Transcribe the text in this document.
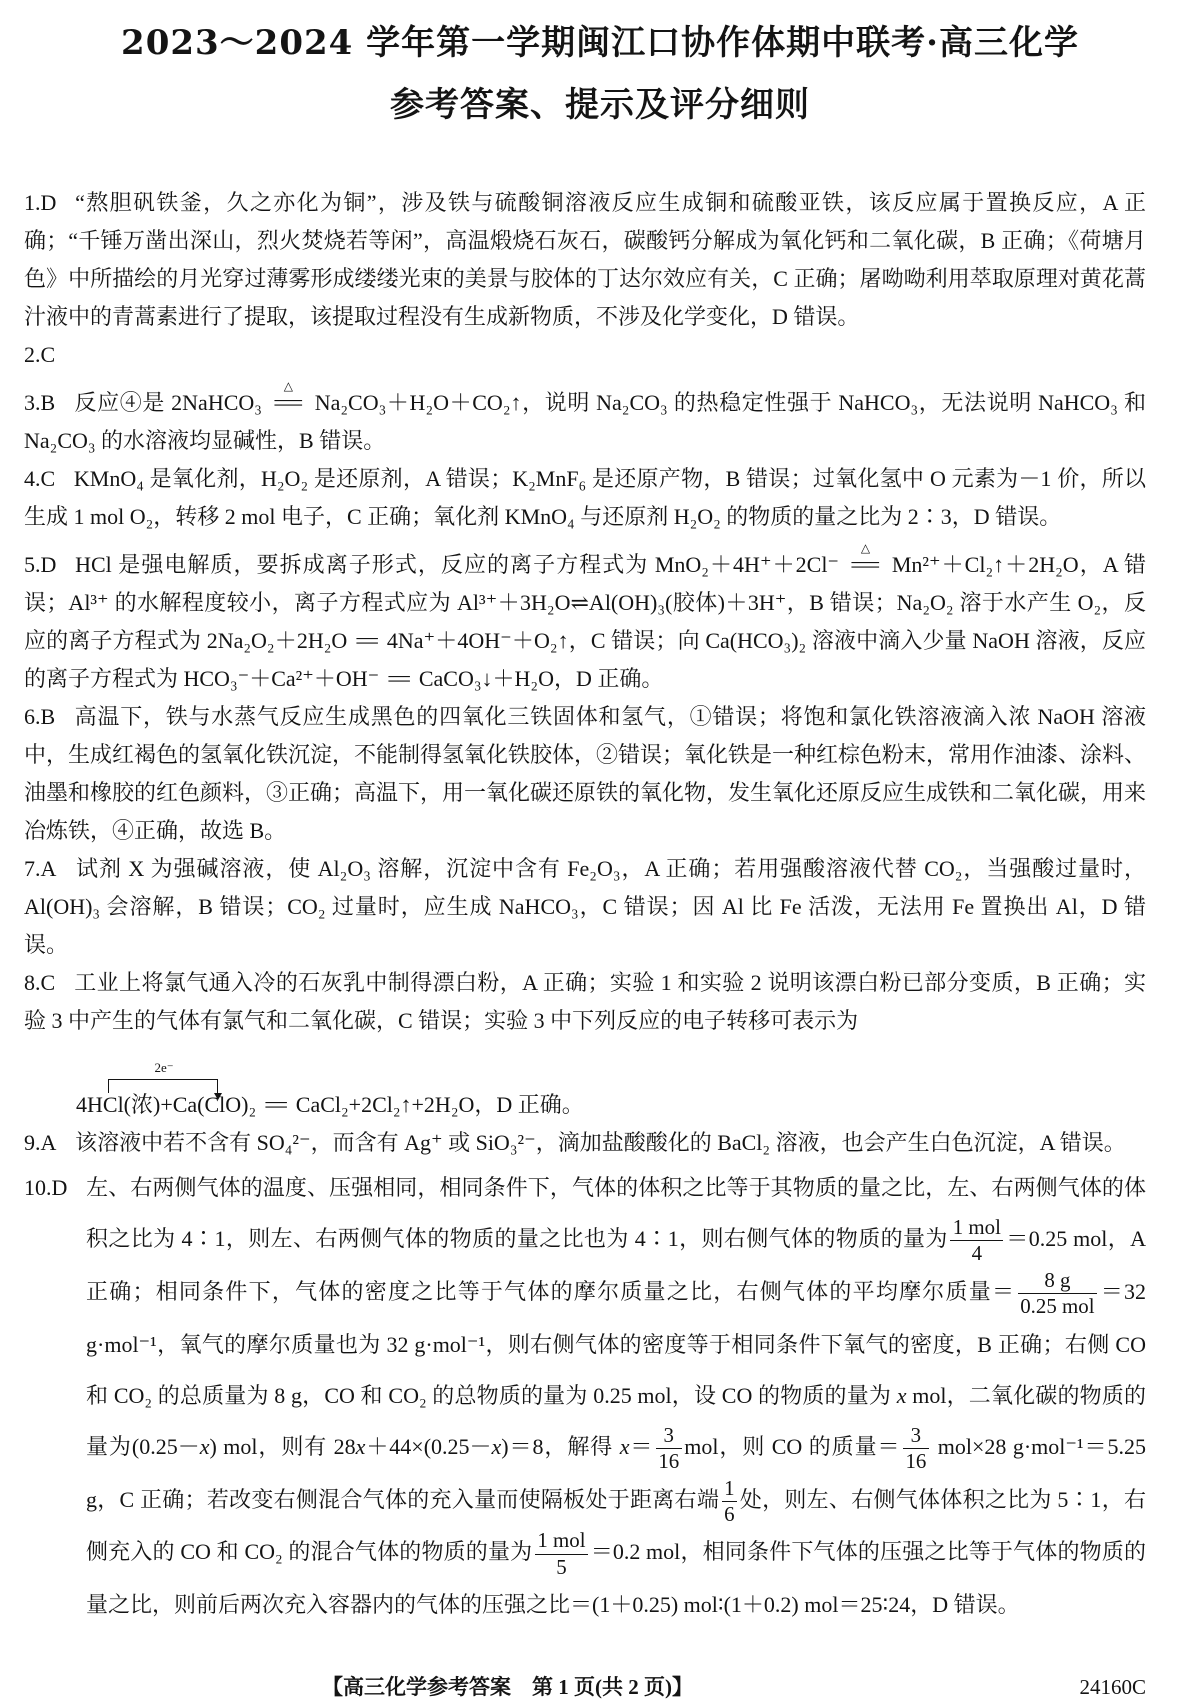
2023～2024 学年第一学期闽江口协作体期中联考·高三化学
参考答案、提示及评分细则

1.D “熬胆矾铁釜，久之亦化为铜”，涉及铁与硫酸铜溶液反应生成铜和硫酸亚铁，该反应属于置换反应，A 正确；“千锤万凿出深山，烈火焚烧若等闲”，高温煅烧石灰石，碳酸钙分解成为氧化钙和二氧化碳，B 正确；《荷塘月色》中所描绘的月光穿过薄雾形成缕缕光束的美景与胶体的丁达尔效应有关，C 正确；屠呦呦利用萃取原理对黄花蒿汁液中的青蒿素进行了提取，该提取过程没有生成新物质，不涉及化学变化，D 错误。

2.C

3.B 反应④是 2NaHCO₃
△
= Na₂CO₃＋H₂O＋CO₂↑，说明 Na₂CO₃ 的热稳定性强于 NaHCO₃，无法说明 NaHCO₃ 和 Na₂CO₃ 的水溶液均显碱性，B 错误。

4.C KMnO₄ 是氧化剂，H₂O₂ 是还原剂，A 错误；K₂MnF₆ 是还原产物，B 错误；过氧化氢中 O 元素为－1 价，所以生成 1 mol O₂，转移 2 mol 电子，C 正确；氧化剂 KMnO₄ 与还原剂 H₂O₂ 的物质的量之比为 2∶3，D 错误。

5.D HCl 是强电解质，要拆成离子形式，反应的离子方程式为 MnO₂＋4H⁺＋2Cl⁻
△
= Mn²⁺＋Cl₂↑＋2H₂O，A 错误；Al³⁺ 的水解程度较小，离子方程式应为 Al³⁺＋3H₂O⇌Al(OH)₃(胶体)＋3H⁺，B 错误；Na₂O₂ 溶于水产生 O₂，反应的离子方程式为 2Na₂O₂＋2H₂O = 4Na⁺＋4OH⁻＋O₂↑，C 错误；向 Ca(HCO₃)₂ 溶液中滴入少量 NaOH 溶液，反应的离子方程式为 HCO₃⁻＋Ca²⁺＋OH⁻ = CaCO₃↓＋H₂O，D 正确。

6.B 高温下，铁与水蒸气反应生成黑色的四氧化三铁固体和氢气，①错误；将饱和氯化铁溶液滴入浓 NaOH 溶液中，生成红褐色的氢氧化铁沉淀，不能制得氢氧化铁胶体，②错误；氧化铁是一种红棕色粉末，常用作油漆、涂料、油墨和橡胶的红色颜料，③正确；高温下，用一氧化碳还原铁的氧化物，发生氧化还原反应生成铁和二氧化碳，用来冶炼铁，④正确，故选 B。

7.A 试剂 X 为强碱溶液，使 Al₂O₃ 溶解，沉淀中含有 Fe₂O₃，A 正确；若用强酸溶液代替 CO₂，当强酸过量时，Al(OH)₃ 会溶解，B 错误；CO₂ 过量时，应生成 NaHCO₃，C 错误；因 Al 比 Fe 活泼，无法用 Fe 置换出 Al，D 错误。

8.C 工业上将氯气通入冷的石灰乳中制得漂白粉，A 正确；实验 1 和实验 2 说明该漂白粉已部分变质，B 正确；实验 3 中产生的气体有氯气和二氧化碳，C 错误；实验 3 中下列反应的电子转移可表示为

4H
2e⁻
Cl(浓)+Ca(ClO)₂ = CaCl₂+2Cl₂↑+2H₂O，D 正确。

9.A 该溶液中若不含有 SO₄²⁻，而含有 Ag⁺ 或 SiO₃²⁻，滴加盐酸酸化的 BaCl₂ 溶液，也会产生白色沉淀，A 错误。

10.D 左、右两侧气体的温度、压强相同，相同条件下，气体的体积之比等于其物质的量之比，左、右两侧气体的体积之比为 4∶1，则左、右两侧气体的物质的量之比也为 4∶1，则右侧气体的物质的量为 $\frac{\text{1 mol}}{4} =0.25$ mol，A 正确；相同条件下，气体的密度之比等于气体的摩尔质量之比，右侧气体的平均摩尔质量＝ $\frac{8 g}{\text{0.25 mol}} =32$ g·mol⁻¹，氧气的摩尔质量也为 32 g·mol⁻¹，则右侧气体的密度等于相同条件下氧气的密度，B 正确；右侧 CO 和 CO₂ 的总质量为 8 g，CO 和 CO₂ 的总物质的量为 0.25 mol，设 CO 的物质的量为 x mol，二氧化碳的物质的量为(0.25－x) mol，则有 28x＋44×(0.25－x)＝8，解得 $x= \frac{3}{16}$ mol，则 CO 的质量＝ $\frac{3}{16} mol\times 28$ g·mol⁻¹＝5.25 g，C 正确；若改变右侧混合气体的充入量而使隔板处于距离右端 $\frac{1}{6}$ 处，则左、右侧气体体积之比为 5∶1，右侧充入的 CO 和 CO₂ 的混合气体的物质的量为 $\frac{\text{1 mol}}{5} =0.2$ mol，相同条件下气体的压强之比等于气体的物质的量之比，则前后两次充入容器内的气体的压强之比＝(1＋0.25) mol∶(1＋0.2) mol＝25∶24，D 错误。

【高三化学参考答案　第 1 页(共 2 页)】	24160C
